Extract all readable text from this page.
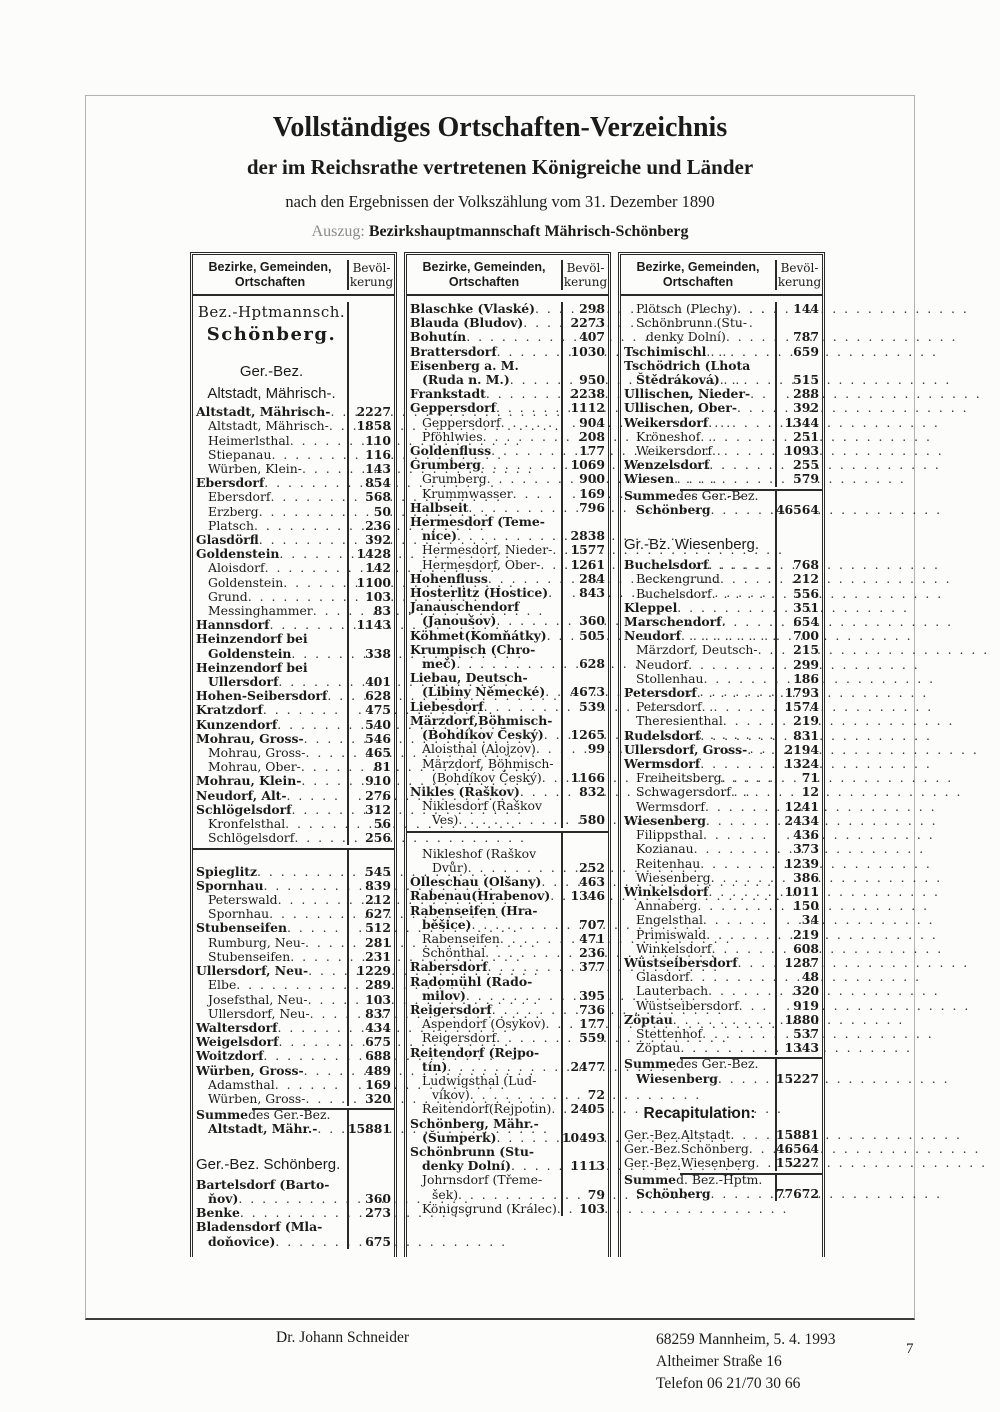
Vollständiges Ortschaften-Verzeichnis
der im Reichsrathe vertretenen Königreiche und Länder
nach den Ergebnissen der Volkszählung vom 31. Dezember 1890
Auszug: Bezirkshauptmannschaft Mährisch-Schönberg
Bezirke, Gemeinden,
Ortschaften
Bevöl-
kerung
Bez.-Hptmannsch.
Schönberg.
Ger.-Bez.
Altstadt, Mährisch-.
Altstadt, Mährisch- . . . 2227
Altstadt, Mährisch- . . . 1858
Heimerlsthal . . .	110
Stiepanau . . .	116
Würben, Klein- . . .	143
Ebersdorf . . .	854
Ebersdorf . . .	568
Erzberg . . .	50
Platsch . . .	236
Glasdörfl . . .	392
Goldenstein . . .	1428
Aloisdorf . . .	142
Goldenstein . . .	1100
Grund . . .	103
Messinghammer . . .	83
Hannsdorf . . .	1143
Heinzendorf bei
Goldenstein . . .	338
Heinzendorf bei
Ullersdorf . . .	401
Hohen-Seibersdorf . . .	628
Kratzdorf . . .	475
Kunzendorf . . .	540
Mohrau, Gross- . . .	546
Mohrau, Gross- . . .	465
Mohrau, Ober- . . .	81
Mohrau, Klein- . . .	910
Neudorf, Alt- . . .	276
Schlögelsdorf . . .	312
Kronfelsthal . . .	56
Schlögelsdorf . . .	256
Spieglitz . . .	545
Spornhau . . .	839
Peterswald . . .	212
Spornhau . . .	627
Stubenseifen . . .	512
Rumburg, Neu- . . .	281
Stubenseifen . . .	231
Ullersdorf, Neu- . . .	1229
Elbe . . .	289
Josefsthal, Neu- . . .	103
Ullersdorf, Neu- . . .	837
Waltersdorf . . .	434
Weigelsdorf . . .	675
Woitzdorf . . .	688
Würben, Gross- . . .	489
Adamsthal . . .	169
Würben, Gross- . . .	320
Summe des Ger.-Bez.
Altstadt, Mähr.- . . . 15881
Ger.-Bez. Schönberg.
Bartelsdorf (Barto-
ňov) . . .	360
Benke . . .	273
Bladensdorf (Mla-
doňovice) . . .	675
Bezirke, Gemeinden,
Ortschaften
Bevöl-
kerung
Blaschke (Vlaské) . . .	298
Blauda (Bludov) . . .	2273
Bohutín . . .	407
Brattersdorf . . .	1030
Eisenberg a. M.
(Ruda n. M.) . . .	950
Frankstadt . . .	2238
Geppersdorf . . .	1112
Geppersdorf . . .	904
Pföhlwies . . .	208
Goldenfluss . . .	177
Grumberg . . .	1069
Grumberg . . .	900
Krummwasser . . .	169
Halbseit . . .	796
Hermesdorf (Teme-
nice) . . .	2838
Hermesdorf, Nieder- . . . 1577
Hermesdorf, Ober- . . . 1261
Hohenfluss . . .	284
Hosterlitz (Hostice) . . .	843
Janauschendorf
(Janoušov) . . .	360
Köhmet(Komňátky) . . .	505
Krumpisch (Chro-
meč) . . .	628
Liebau, Deutsch-
(Libiny Německé) . . . 4673
Liebesdorf . . .	539
Märzdorf,Böhmisch-
(Bohdíkov Český) . . . 1265
Aloisthal (Alojzov) . . .	99
Märzdorf, Böhmisch-
(Bohdíkov Český) . . . 1166
Nikles (Raškov) . . .	832
Niklesdorf (Raškov
Ves) . . .	580
Nikleshof (Raškov
Dvůr) . . .	252
Olleschau (Olšany) . . .	463
Rabenau(Hrabenov) . . . 1346
Rabenseifen (Hra-
běšice) . . .	707
Rabenseifen . . .	471
Schönthal . . .	236
Rabersdorf . . .	377
Radomühl (Rado-
milov) . . .	395
Reigersdorf . . .	736
Aspendorf (Osykov) . . .	177
Reigersdorf . . .	559
Reitendorf (Rejpo-
tín) . . .	2477
Ludwigsthal (Lud-
víkov) . . .	72
Reitendorf(Rejpotin) . . . 2405
Schönberg, Mähr.-
(Šumperk) . . .	10493
Schönbrunn (Stu-
denky Dolní) . . .	1113
Johrnsdorf (Třeme-
šek) . . .	79
Königsgrund (Králec) . . . 103
Bezirke, Gemeinden,
Ortschaften
Bevöl-
kerung
Plötsch (Plechy) . . .	144
Schönbrunn (Stu-
denky Dolní) . . .	787
Tschimischl . . .	659
Tschödrich (Lhota
Štědráková) . . .	515
Ullischen, Nieder- . . .	288
Ullischen, Ober- . . .	392
Weikersdorf . . .	1344
Kröneshof . . .	251
Weikersdorf . . .	1093
Wenzelsdorf . . .	255
Wiesen . . .	579
Summe des Ger.-Bez.
Schönberg . . .	46564
Gr.-Bz. Wiesenberg.
Buchelsdorf . . .	768
Beckengrund . . .	212
Buchelsdorf . . .	556
Kleppel . . .	351
Marschendorf . . .	654
Neudorf . . .	700
Märzdorf, Deutsch- . . .	215
Neudorf . . .	299
Stollenhau . . .	186
Petersdorf . . .	1793
Petersdorf . . .	1574
Theresienthal . . .	219
Rudelsdorf . . .	831
Ullersdorf, Gross- . . .	2194
Wermsdorf . . .	1324
Freiheitsberg . . .	71
Schwagersdorf . . .	12
Wermsdorf . . .	1241
Wiesenberg . . .	2434
Filippsthal . . .	436
Kozianau . . .	373
Reitenhau . . .	1239
Wiesenberg . . .	386
Winkelsdorf . . .	1011
Annaberg . . .	150
Engelsthal . . .	34
Primiswald . . .	219
Winkelsdorf . . .	608
Wüstseibersdorf . . .	1287
Glasdorf . . .	48
Lauterbach . . .	320
Wüstseibersdorf . . .	919
Zöptau . . .	1880
Stettenhof . . .	537
Zöptau . . .	1343
Summe des Ger.-Bez.
Wiesenberg . . .	15227
Recapitulation:
Ger.-Bez. Altstadt . . .	15881
Ger.-Bez. Schönberg . . . 46564
Ger.-Bez. Wiesenberg . . . 15227
Summe d. Bez.-Hptm.
Schönberg . . .	77672
Dr. Johann Schneider	68259 Mannheim, 5. 4. 1993
Altheimer Straße 16
Telefon 06 21/70 30 66
7
